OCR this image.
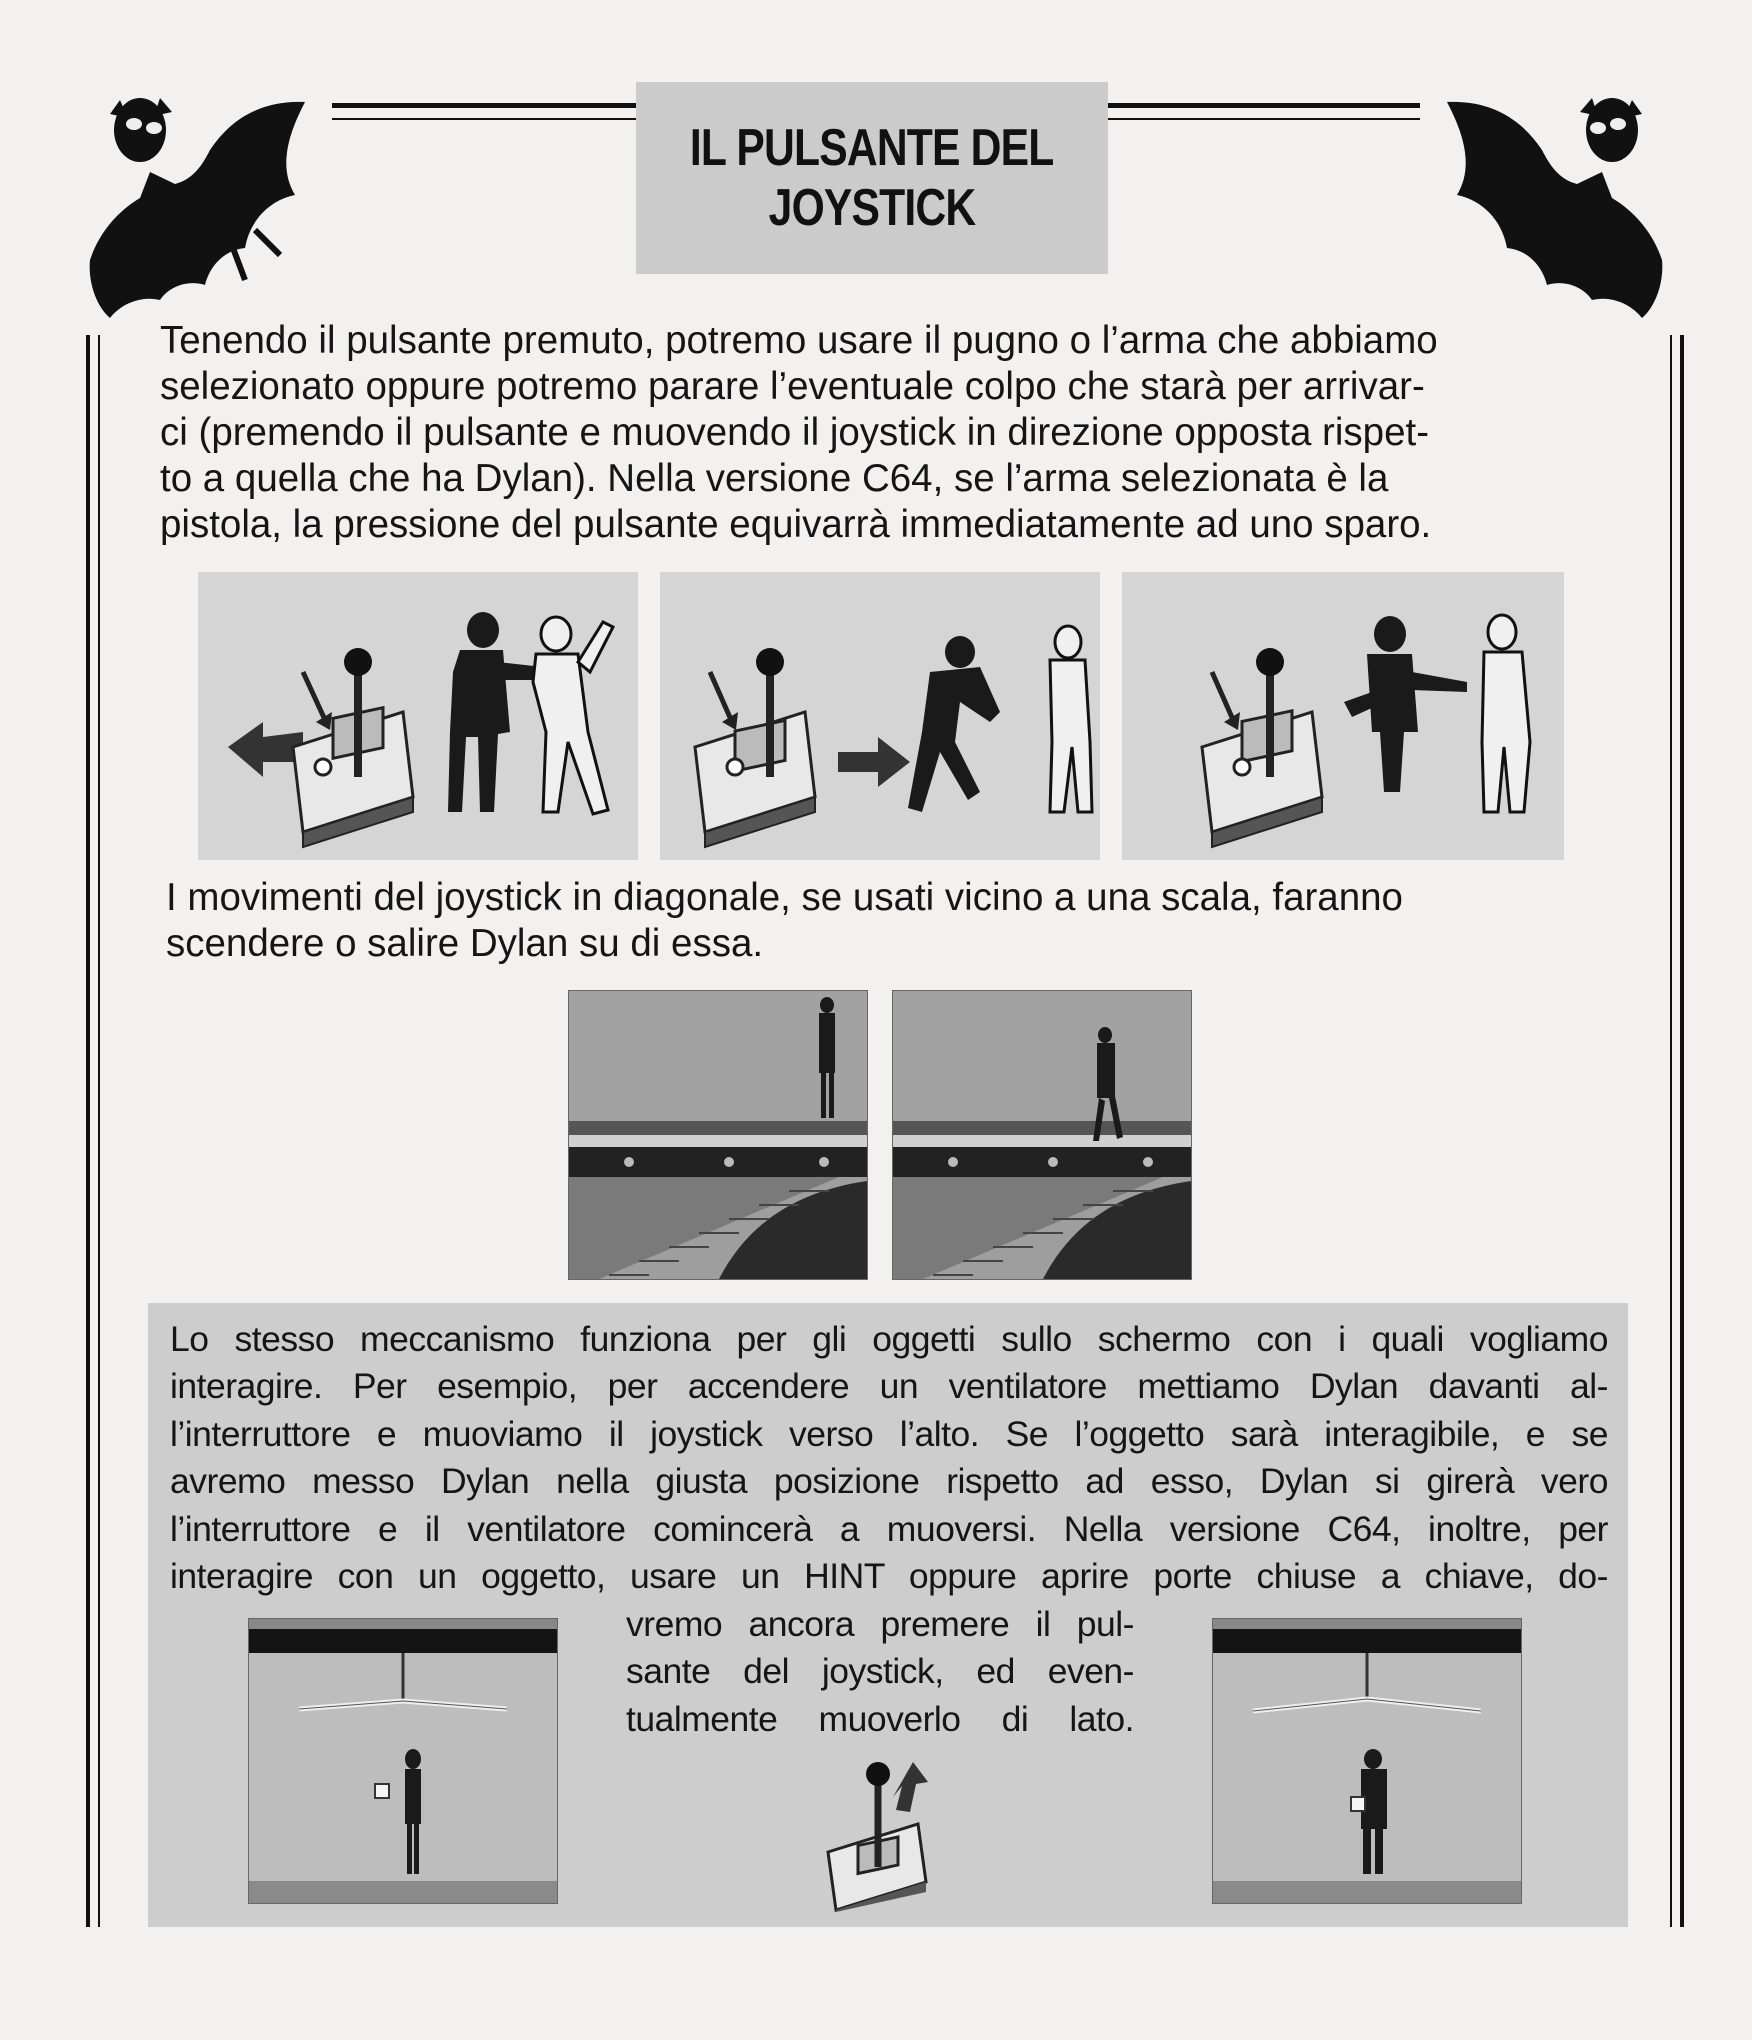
IL PULSANTE DEL
JOYSTICK

Tenendo il pulsante premuto, potremo usare il pugno o l’arma che abbiamo

selezionato oppure potremo parare l’eventuale colpo che starà per arrivar-

ci (premendo il pulsante e muovendo il joystick in direzione opposta rispet-

to a quella che ha Dylan). Nella versione C64, se l’arma selezionata è la

pistola, la pressione del pulsante equivarrà immediatamente ad uno sparo.

I movimenti del joystick in diagonale, se usati vicino a una scala, faranno

scendere o salire Dylan su di essa.

Lo stesso meccanismo funziona per gli oggetti sullo schermo con i quali vogliamo
interagire. Per esempio, per accendere un ventilatore mettiamo Dylan davanti al-
l’interruttore e muoviamo il joystick verso l’alto. Se l’oggetto sarà interagibile, e se
avremo messo Dylan nella giusta posizione rispetto ad esso, Dylan si girerà vero
l’interruttore e il ventilatore comincerà a muoversi. Nella versione C64, inoltre, per
interagire con un oggetto, usare un HINT oppure aprire porte chiuse a chiave, do-
vremo ancora premere il pul-
sante del joystick, ed even-
tualmente muoverlo di lato.
